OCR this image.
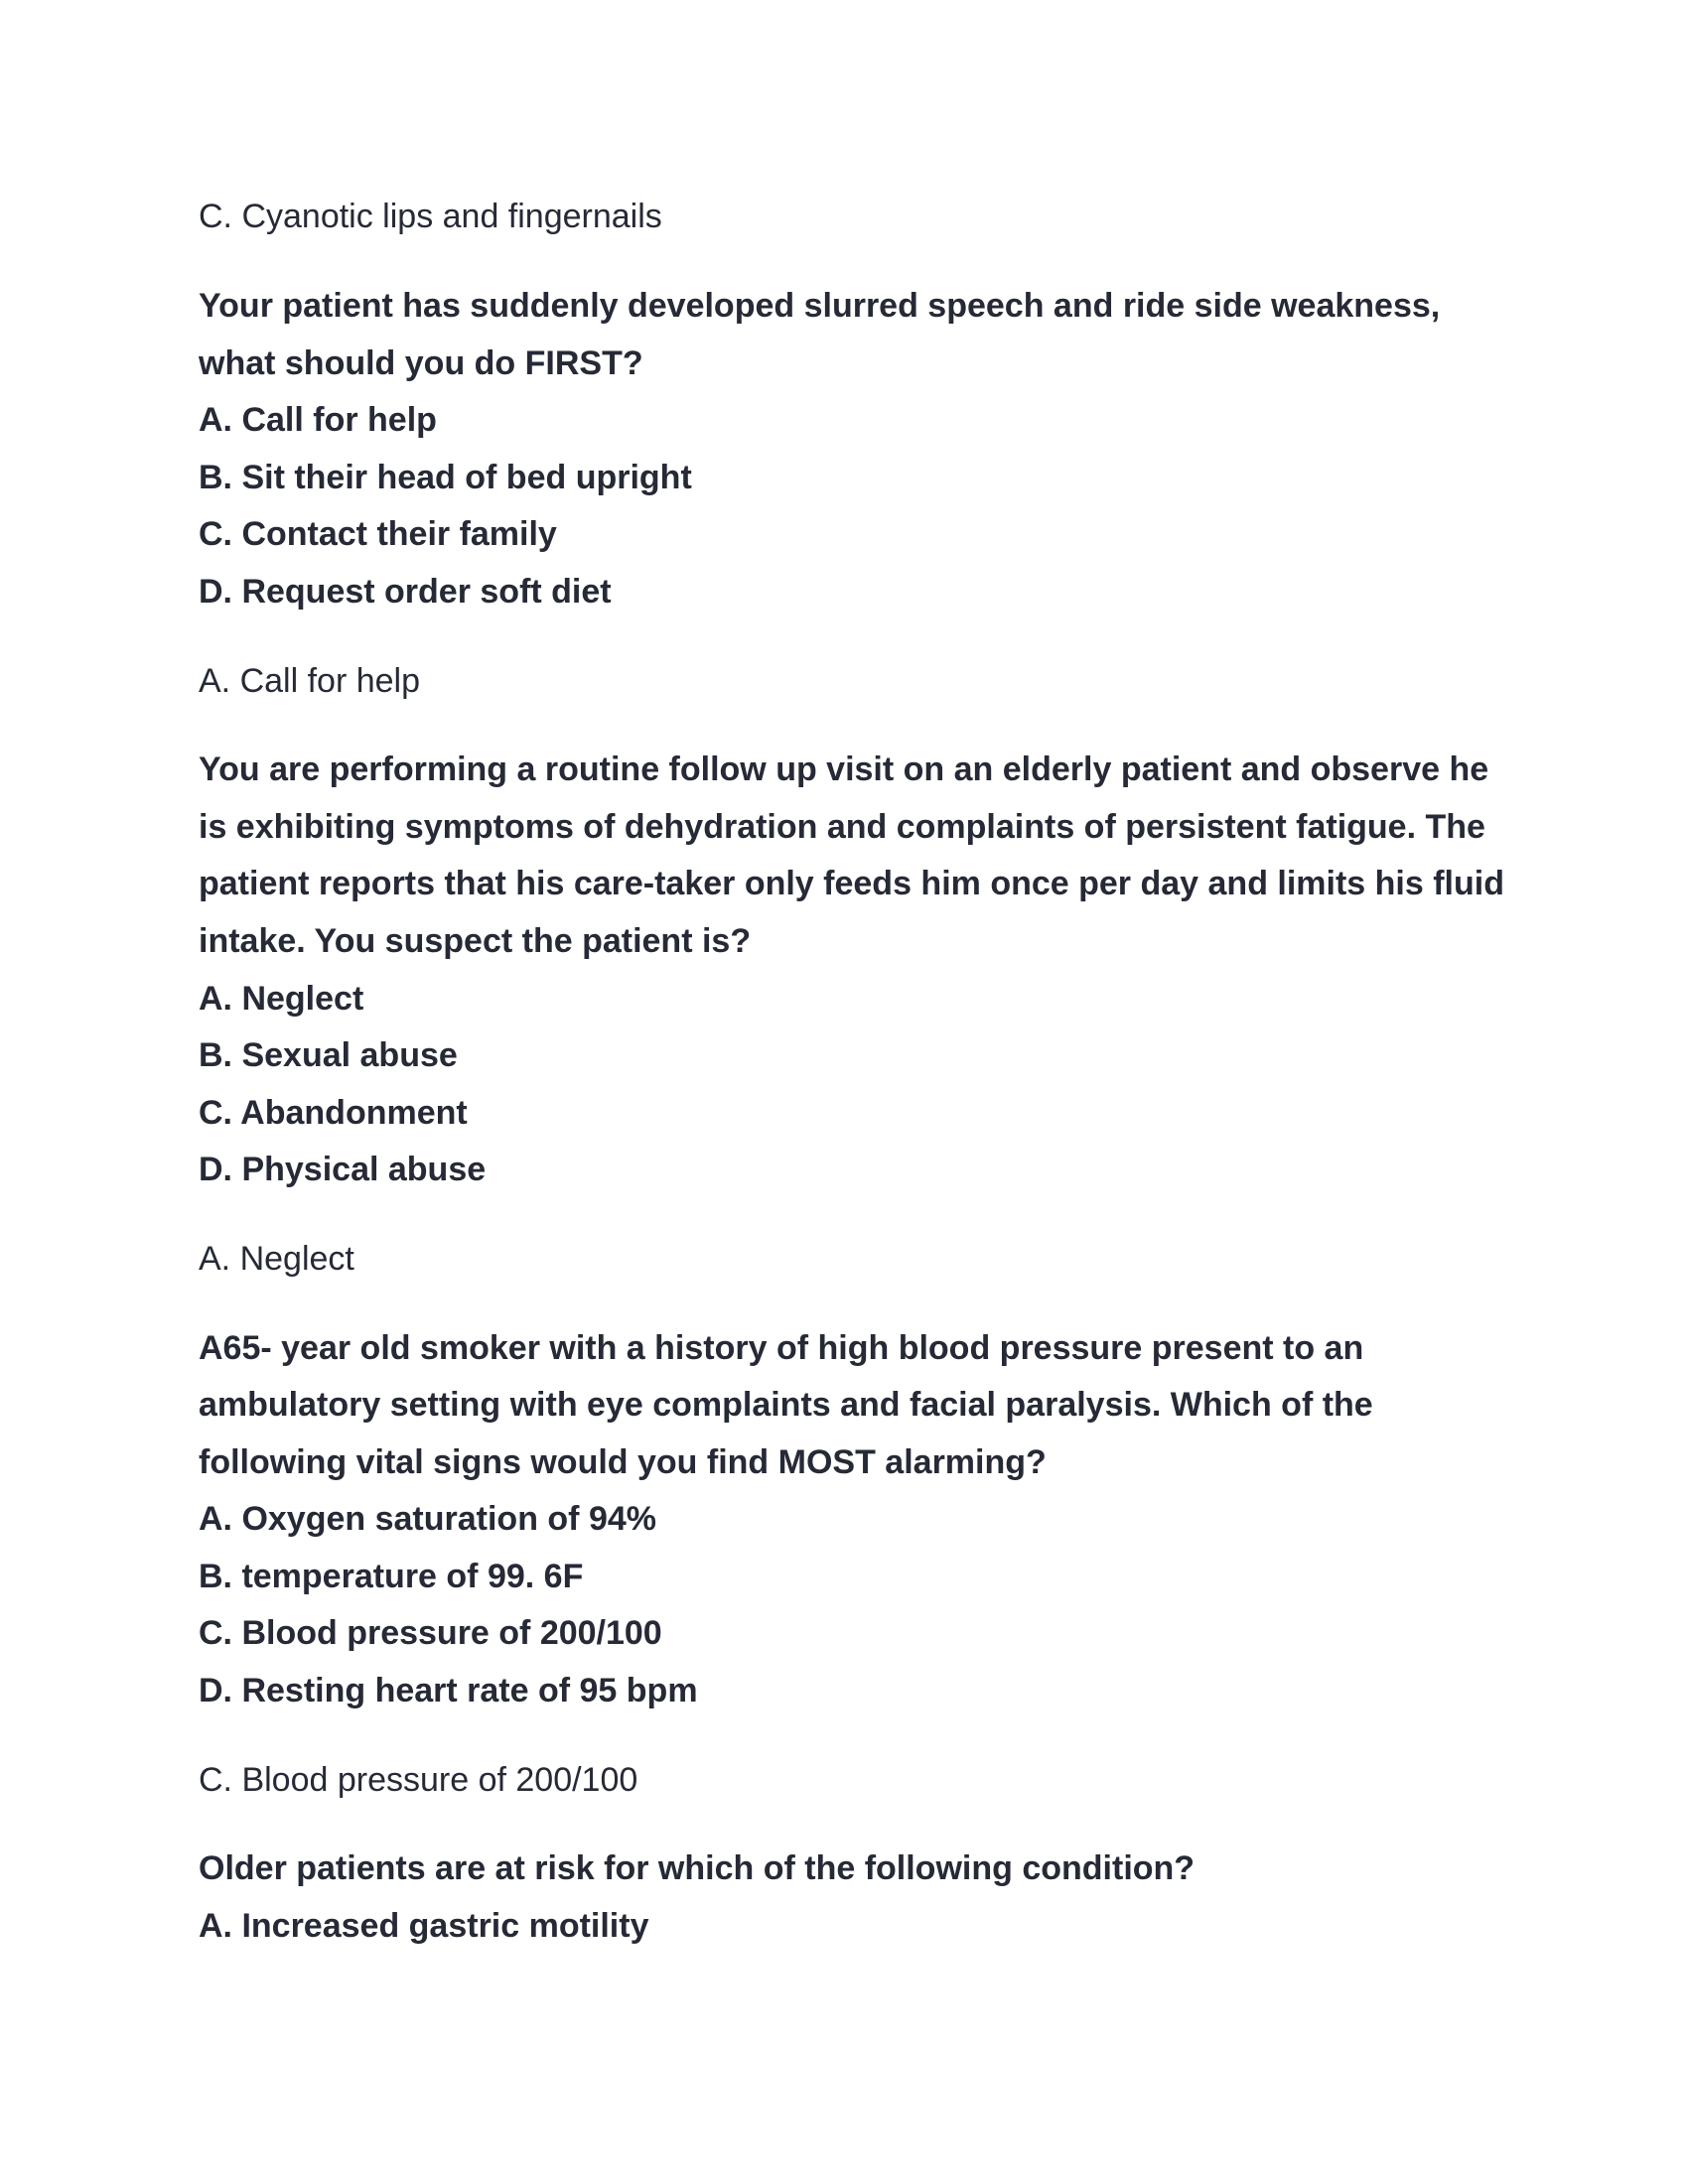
C. Cyanotic lips and fingernails
Your patient has suddenly developed slurred speech and ride side weakness,
what should you do FIRST?
A. Call for help
B. Sit their head of bed upright
C. Contact their family
D. Request order soft diet
A. Call for help
You are performing a routine follow up visit on an elderly patient and observe he
is exhibiting symptoms of dehydration and complaints of persistent fatigue. The
patient reports that his care-taker only feeds him once per day and limits his fluid
intake. You suspect the patient is?
A. Neglect
B. Sexual abuse
C. Abandonment
D. Physical abuse
A. Neglect
A65- year old smoker with a history of high blood pressure present to an
ambulatory setting with eye complaints and facial paralysis. Which of the
following vital signs would you find MOST alarming?
A. Oxygen saturation of 94%
B. temperature of 99. 6F
C. Blood pressure of 200/100
D. Resting heart rate of 95 bpm
C. Blood pressure of 200/100
Older patients are at risk for which of the following condition?
A. Increased gastric motility
